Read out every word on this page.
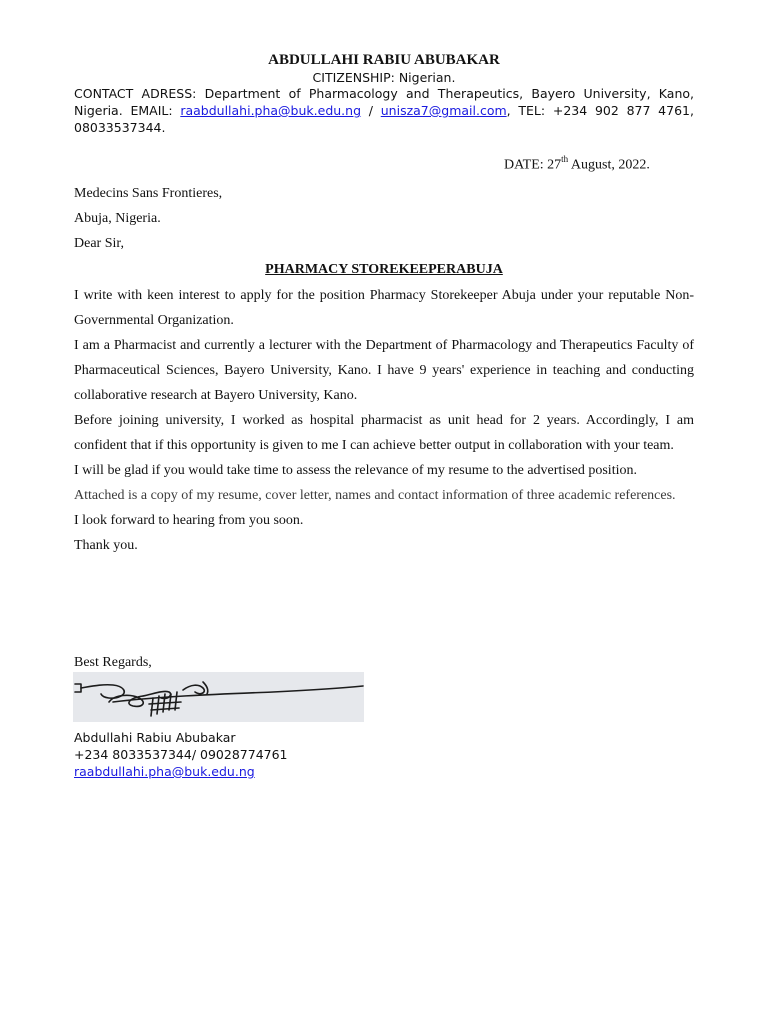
ABDULLAHI RABIU ABUBAKAR
CITIZENSHIP: Nigerian.
CONTACT ADRESS: Department of Pharmacology and Therapeutics, Bayero University, Kano, Nigeria. EMAIL: raabdullahi.pha@buk.edu.ng / unisza7@gmail.com, TEL: +234 902 877 4761, 08033537344.
DATE: 27th August, 2022.
Medecins Sans Frontieres,
Abuja, Nigeria.
Dear Sir,
PHARMACY STOREKEEPERABUJA

I write with keen interest to apply for the position Pharmacy Storekeeper Abuja under your reputable Non-Governmental Organization.

I am a Pharmacist and currently a lecturer with the Department of Pharmacology and Therapeutics Faculty of Pharmaceutical Sciences, Bayero University, Kano. I have 9 years' experience in teaching and conducting collaborative research at Bayero University, Kano.

Before joining university, I worked as hospital pharmacist as unit head for 2 years. Accordingly, I am confident that if this opportunity is given to me I can achieve better output in collaboration with your team.

I will be glad if you would take time to assess the relevance of my resume to the advertised position.

Attached is a copy of my resume, cover letter, names and contact information of three academic references.

I look forward to hearing from you soon.

Thank you.

Best Regards,
Abdullahi Rabiu Abubakar
+234 8033537344/ 09028774761
raabdullahi.pha@buk.edu.ng
